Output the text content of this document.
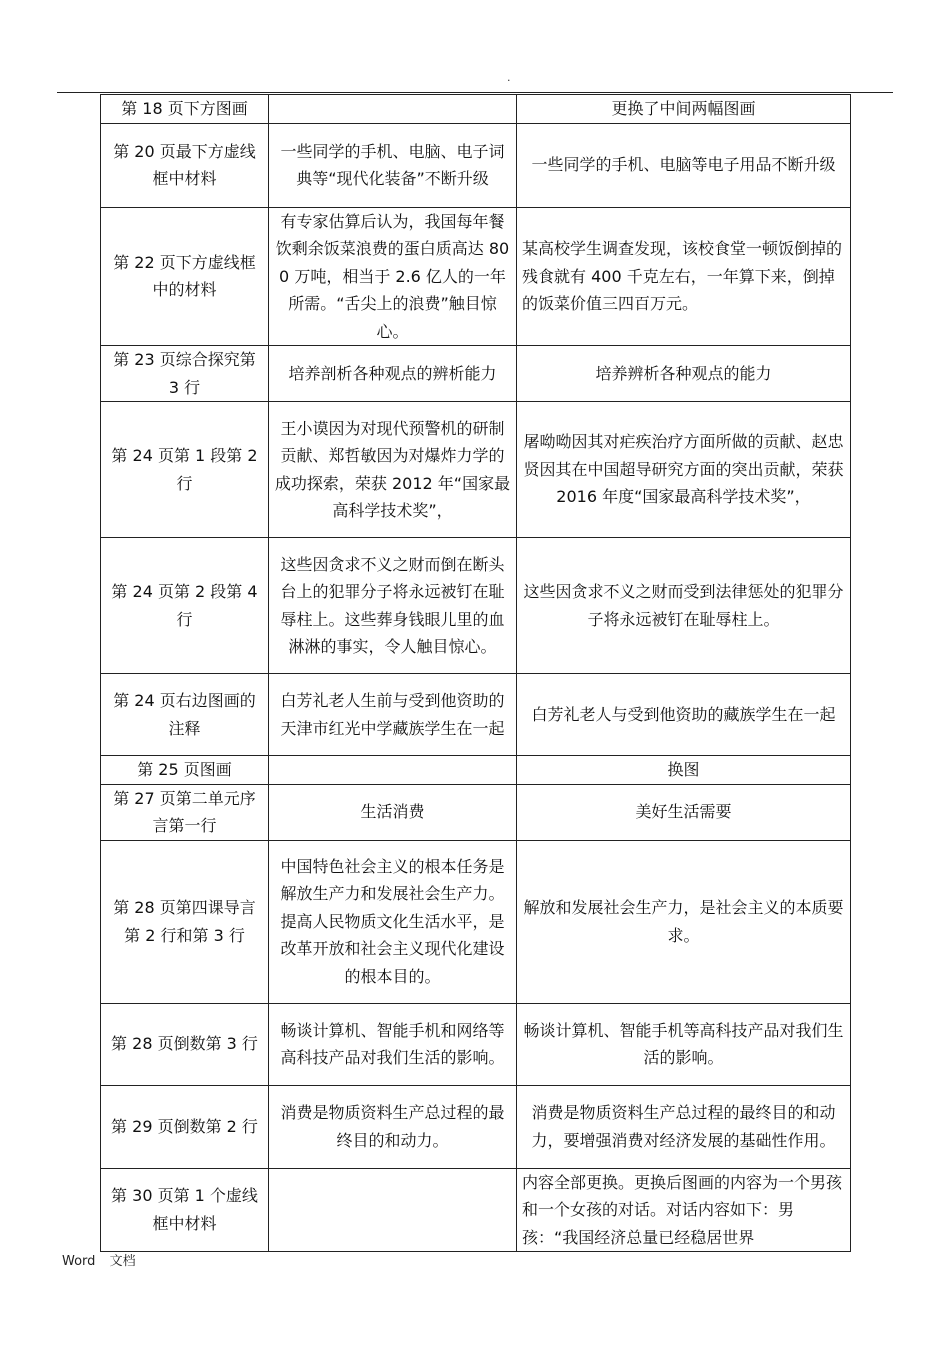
.
第 18 页下方图画		更换了中间两幅图画
第 20 页最下方虚线框中材料	一些同学的手机、电脑、电子词典等“现代化装备”不断升级	一些同学的手机、电脑等电子用品不断升级
第 22 页下方虚线框中的材料	有专家估算后认为，我国每年餐饮剩余饭菜浪费的蛋白质高达 800 万吨，相当于 2.6 亿人的一年所需。“舌尖上的浪费”触目惊心。	某高校学生调查发现，该校食堂一顿饭倒掉的残食就有 400 千克左右，一年算下来，倒掉的饭菜价值三四百万元。
第 23 页综合探究第 3 行	培养剖析各种观点的辨析能力	培养辨析各种观点的能力
第 24 页第 1 段第 2 行	王小谟因为对现代预警机的研制贡献、郑哲敏因为对爆炸力学的成功探索，荣获 2012 年“国家最高科学技术奖”，	屠呦呦因其对疟疾治疗方面所做的贡献、赵忠贤因其在中国超导研究方面的突出贡献，荣获 2016 年度“国家最高科学技术奖”，
第 24 页第 2 段第 4 行	这些因贪求不义之财而倒在断头台上的犯罪分子将永远被钉在耻辱柱上。这些葬身钱眼儿里的血淋淋的事实，令人触目惊心。	这些因贪求不义之财而受到法律惩处的犯罪分子将永远被钉在耻辱柱上。
第 24 页右边图画的注释	白芳礼老人生前与受到他资助的天津市红光中学藏族学生在一起	白芳礼老人与受到他资助的藏族学生在一起
第 25 页图画		换图
第 27 页第二单元序言第一行	生活消费	美好生活需要
第 28 页第四课导言第 2 行和第 3 行	中国特色社会主义的根本任务是解放生产力和发展社会生产力。提高人民物质文化生活水平，是改革开放和社会主义现代化建设的根本目的。	解放和发展社会生产力，是社会主义的本质要求。
第 28 页倒数第 3 行	畅谈计算机、智能手机和网络等高科技产品对我们生活的影响。	畅谈计算机、智能手机等高科技产品对我们生活的影响。
第 29 页倒数第 2 行	消费是物质资料生产总过程的最终目的和动力。	消费是物质资料生产总过程的最终目的和动力，要增强消费对经济发展的基础性作用。
第 30 页第 1 个虚线框中材料		内容全部更换。更换后图画的内容为一个男孩和一个女孩的对话。对话内容如下：男孩：“我国经济总量已经稳居世界
Word 文档
